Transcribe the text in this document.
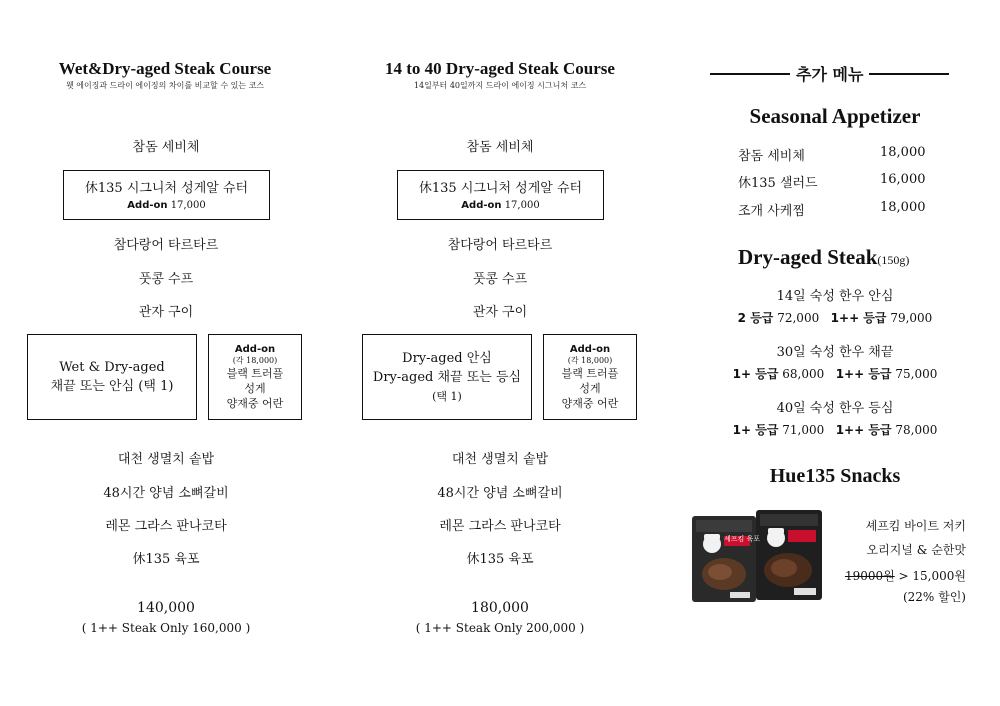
Wet&Dry-aged Steak Course
웻 에이징과 드라이 에이징의 차이를 비교할 수 있는 코스
참돔 세비체
休135 시그니처 성게알 슈터
Add-on 17,000
참다랑어 타르타르
풋콩 수프
관자 구이
Wet & Dry-aged
채끝 또는 안심 (택 1)
Add-on
(각 18,000)
블랙 트러플
성게
양재중 어란
대천 생멸치 솥밥
48시간 양념 소뼈갈비
레몬 그라스 판나코타
休135 육포
140,000
( 1++ Steak Only 160,000 )
14 to 40 Dry-aged Steak Course
14일부터 40일까지 드라이 에이징 시그니처 코스
참돔 세비체
休135 시그니처 성게알 슈터
Add-on 17,000
참다랑어 타르타르
풋콩 수프
관자 구이
Dry-aged 안심
Dry-aged 채끝 또는 등심
(택 1)
Add-on
(각 18,000)
블랙 트러플
성게
양재중 어란
대천 생멸치 솥밥
48시간 양념 소뼈갈비
레몬 그라스 판나코타
休135 육포
180,000
( 1++ Steak Only 200,000 )
추가 메뉴
Seasonal Appetizer
참돔 세비체	18,000
休135 샐러드	16,000
조개 사케찜	18,000
Dry-aged Steak(150g)
14일 숙성 한우 안심
2 등급 72,000 1++ 등급 79,000
30일 숙성 한우 채끝
1+ 등급 68,000 1++ 등급 75,000
40일 숙성 한우 등심
1+ 등급 71,000 1++ 등급 78,000
Hue135 Snacks
셰프킴 육포
셰프킴 바이트 저키
오리지널 & 순한맛
19000원 > 15,000원
(22% 할인)
